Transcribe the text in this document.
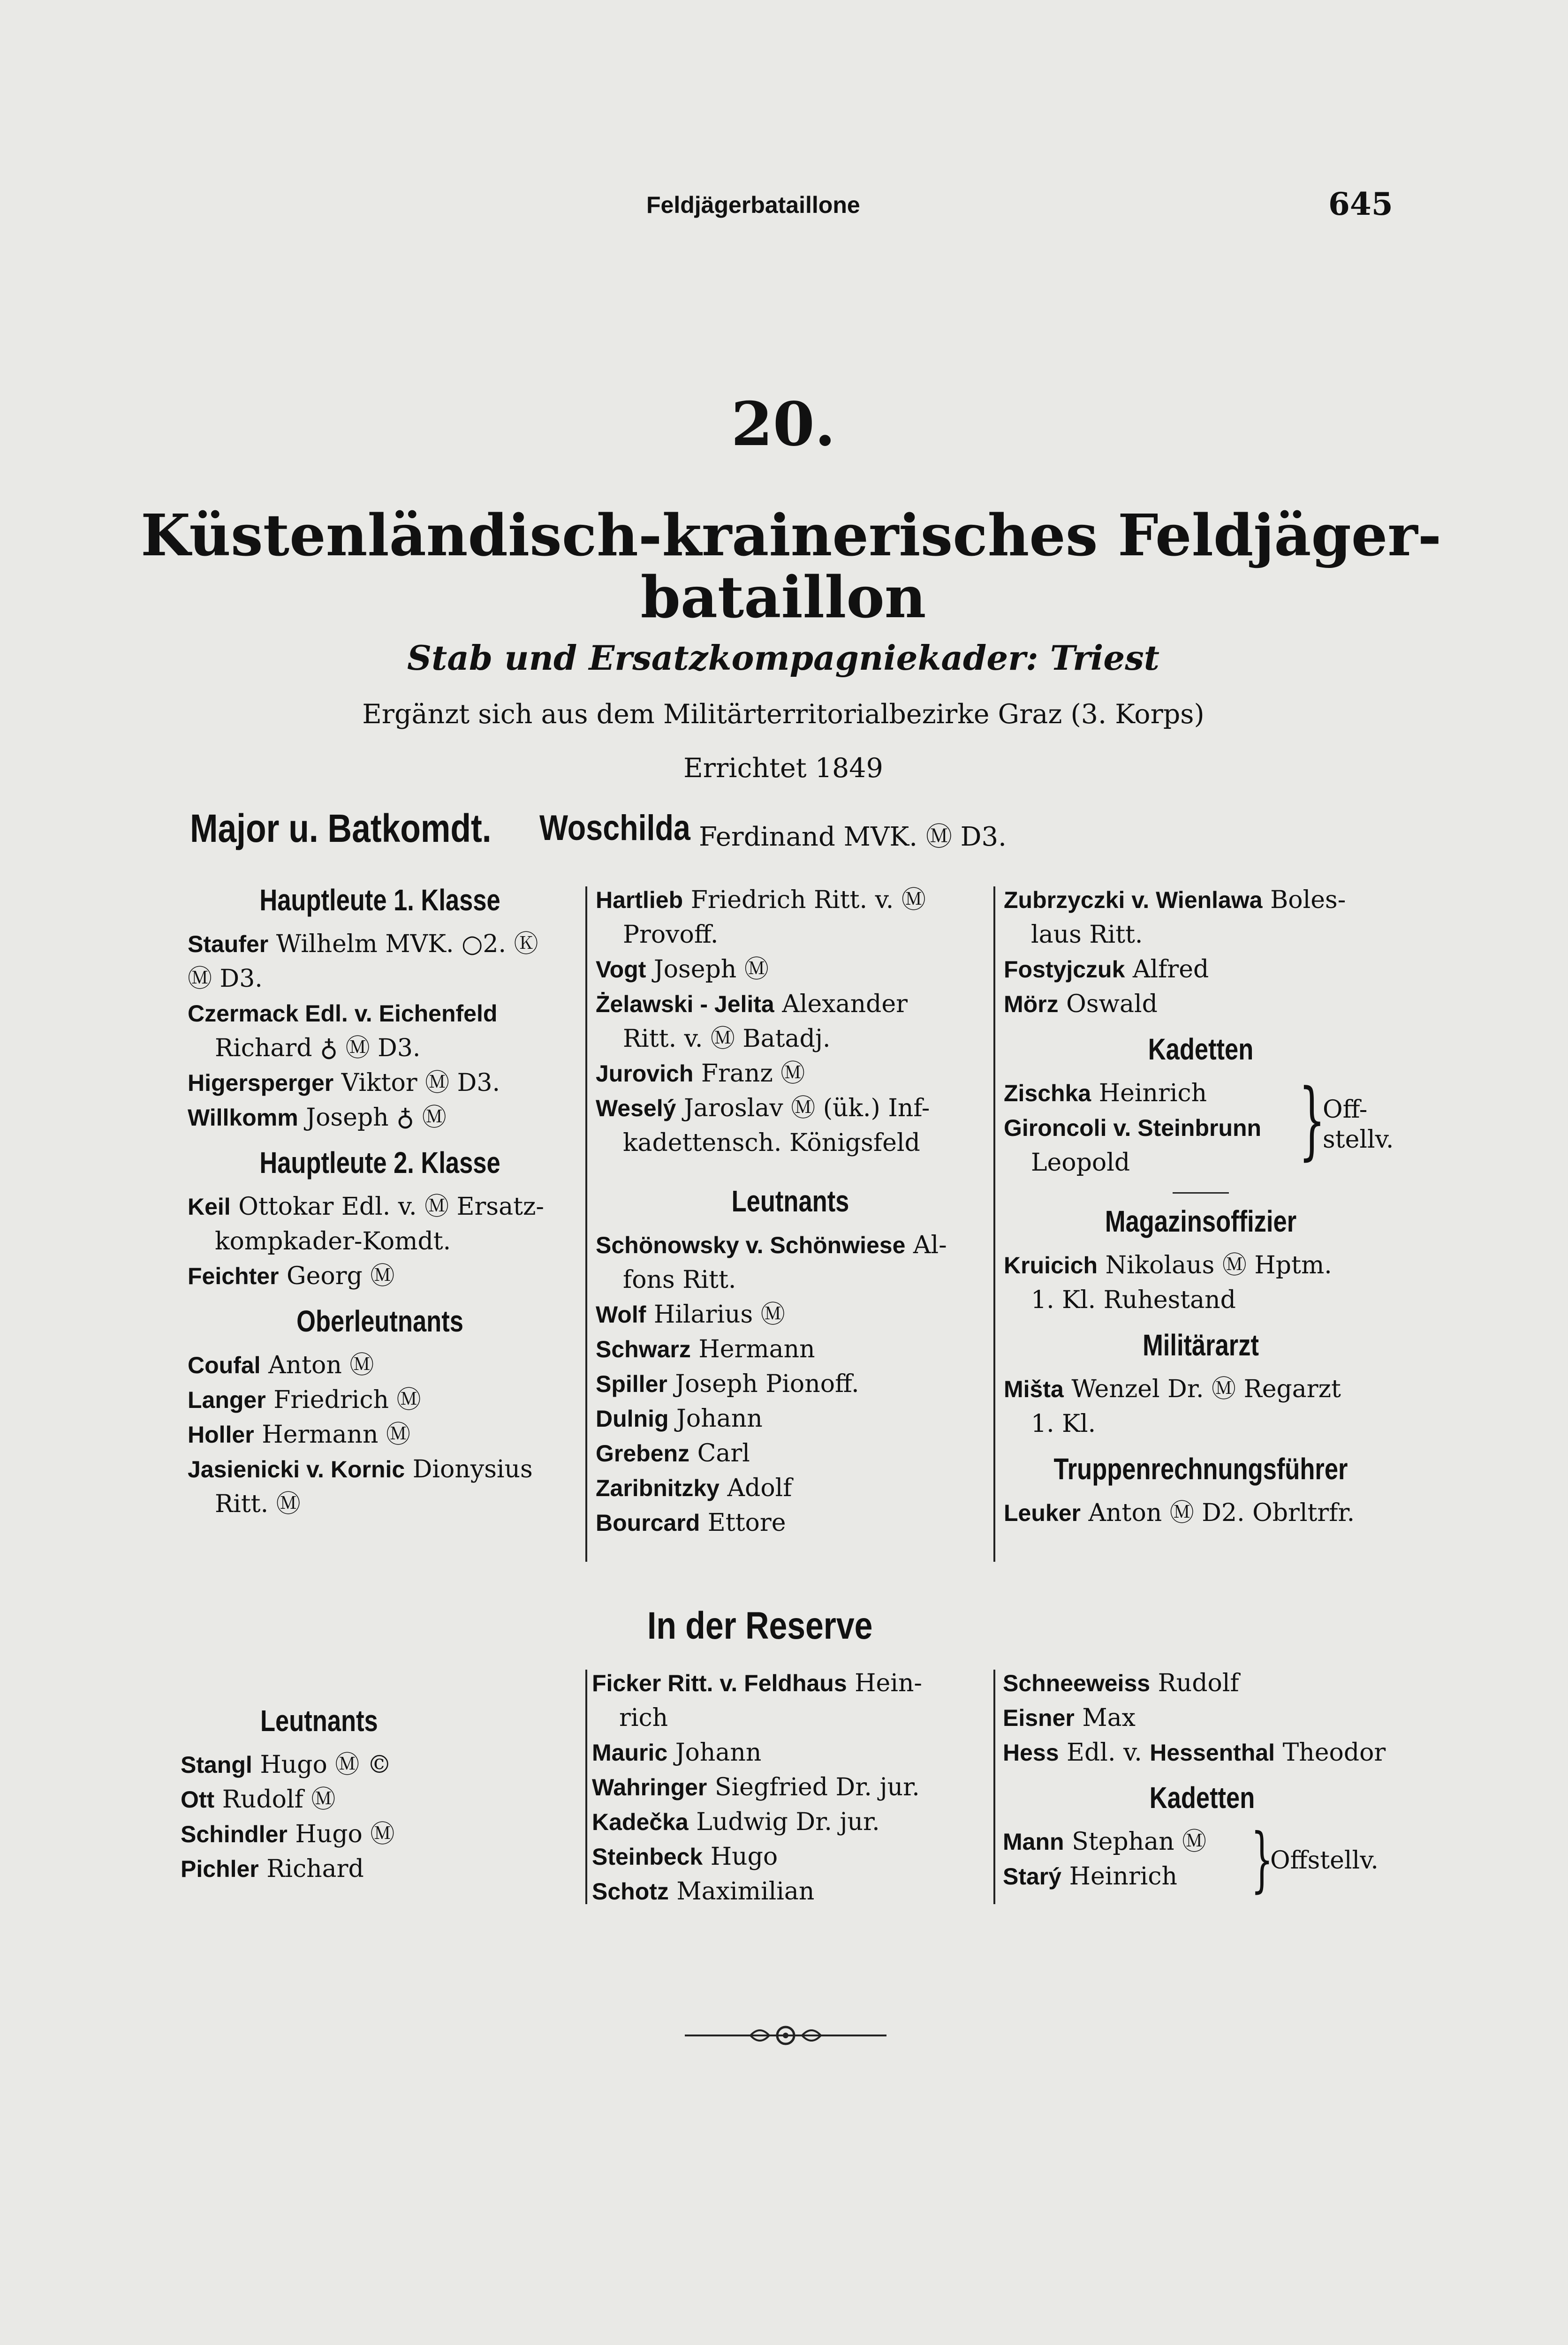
Feldjägerbataillone	645
20.
Küstenländisch-krainerisches Feldjäger-
bataillon
Stab und Ersatzkompagniekader: Triest
Ergänzt sich aus dem Militärterritorialbezirke Graz (3. Korps)
Errichtet 1849
Major u. Batkomdt. Woschilda Ferdinand MVK. Ⓜ D3.
Hauptleute 1. Klasse
Staufer Wilhelm MVK. ○2. Ⓚ
Ⓜ D3.
Czermack Edl. v. Eichenfeld
Richard ♁ Ⓜ D3.
Higersperger Viktor Ⓜ D3.
Willkomm Joseph ♁ Ⓜ
Hauptleute 2. Klasse
Keil Ottokar Edl. v. Ⓜ Ersatz-
kompkader-Komdt.
Feichter Georg Ⓜ
Oberleutnants
Coufal Anton Ⓜ
Langer Friedrich Ⓜ
Holler Hermann Ⓜ
Jasienicki v. Kornic Dionysius
Ritt. Ⓜ
Hartlieb Friedrich Ritt. v. Ⓜ
Provoff.
Vogt Joseph Ⓜ
Żelawski - Jelita Alexander
Ritt. v. Ⓜ Batadj.
Jurovich Franz Ⓜ
Weselý Jaroslav Ⓜ (ük.) Inf-
kadettensch. Königsfeld
Leutnants
Schönowsky v. Schönwiese Al-
fons Ritt.
Wolf Hilarius Ⓜ
Schwarz Hermann
Spiller Joseph Pionoff.
Dulnig Johann
Grebenz Carl
Zaribnitzky Adolf
Bourcard Ettore
Zubrzyczki v. Wienlawa Boles-
laus Ritt.
Fostyjczuk Alfred
Mörz Oswald
Kadetten
Zischka Heinrich
Gironcoli v. Steinbrunn
Leopold	}
Off-
stellv.
Magazinsoffizier
Kruicich Nikolaus Ⓜ Hptm.
1. Kl. Ruhestand
Militärarzt
Mišta Wenzel Dr. Ⓜ Regarzt
1. Kl.
Truppenrechnungsführer
Leuker Anton Ⓜ D2. Obrltrfr.
In der Reserve
Leutnants
Stangl Hugo Ⓜ ©
Ott Rudolf Ⓜ
Schindler Hugo Ⓜ
Pichler Richard
Ficker Ritt. v. Feldhaus Hein-
rich
Mauric Johann
Wahringer Siegfried Dr. jur.
Kadečka Ludwig Dr. jur.
Steinbeck Hugo
Schotz Maximilian
Schneeweiss Rudolf
Eisner Max
Hess Edl. v. Hessenthal Theodor
Kadetten
Mann Stephan Ⓜ
Starý Heinrich	}
Offstellv.
